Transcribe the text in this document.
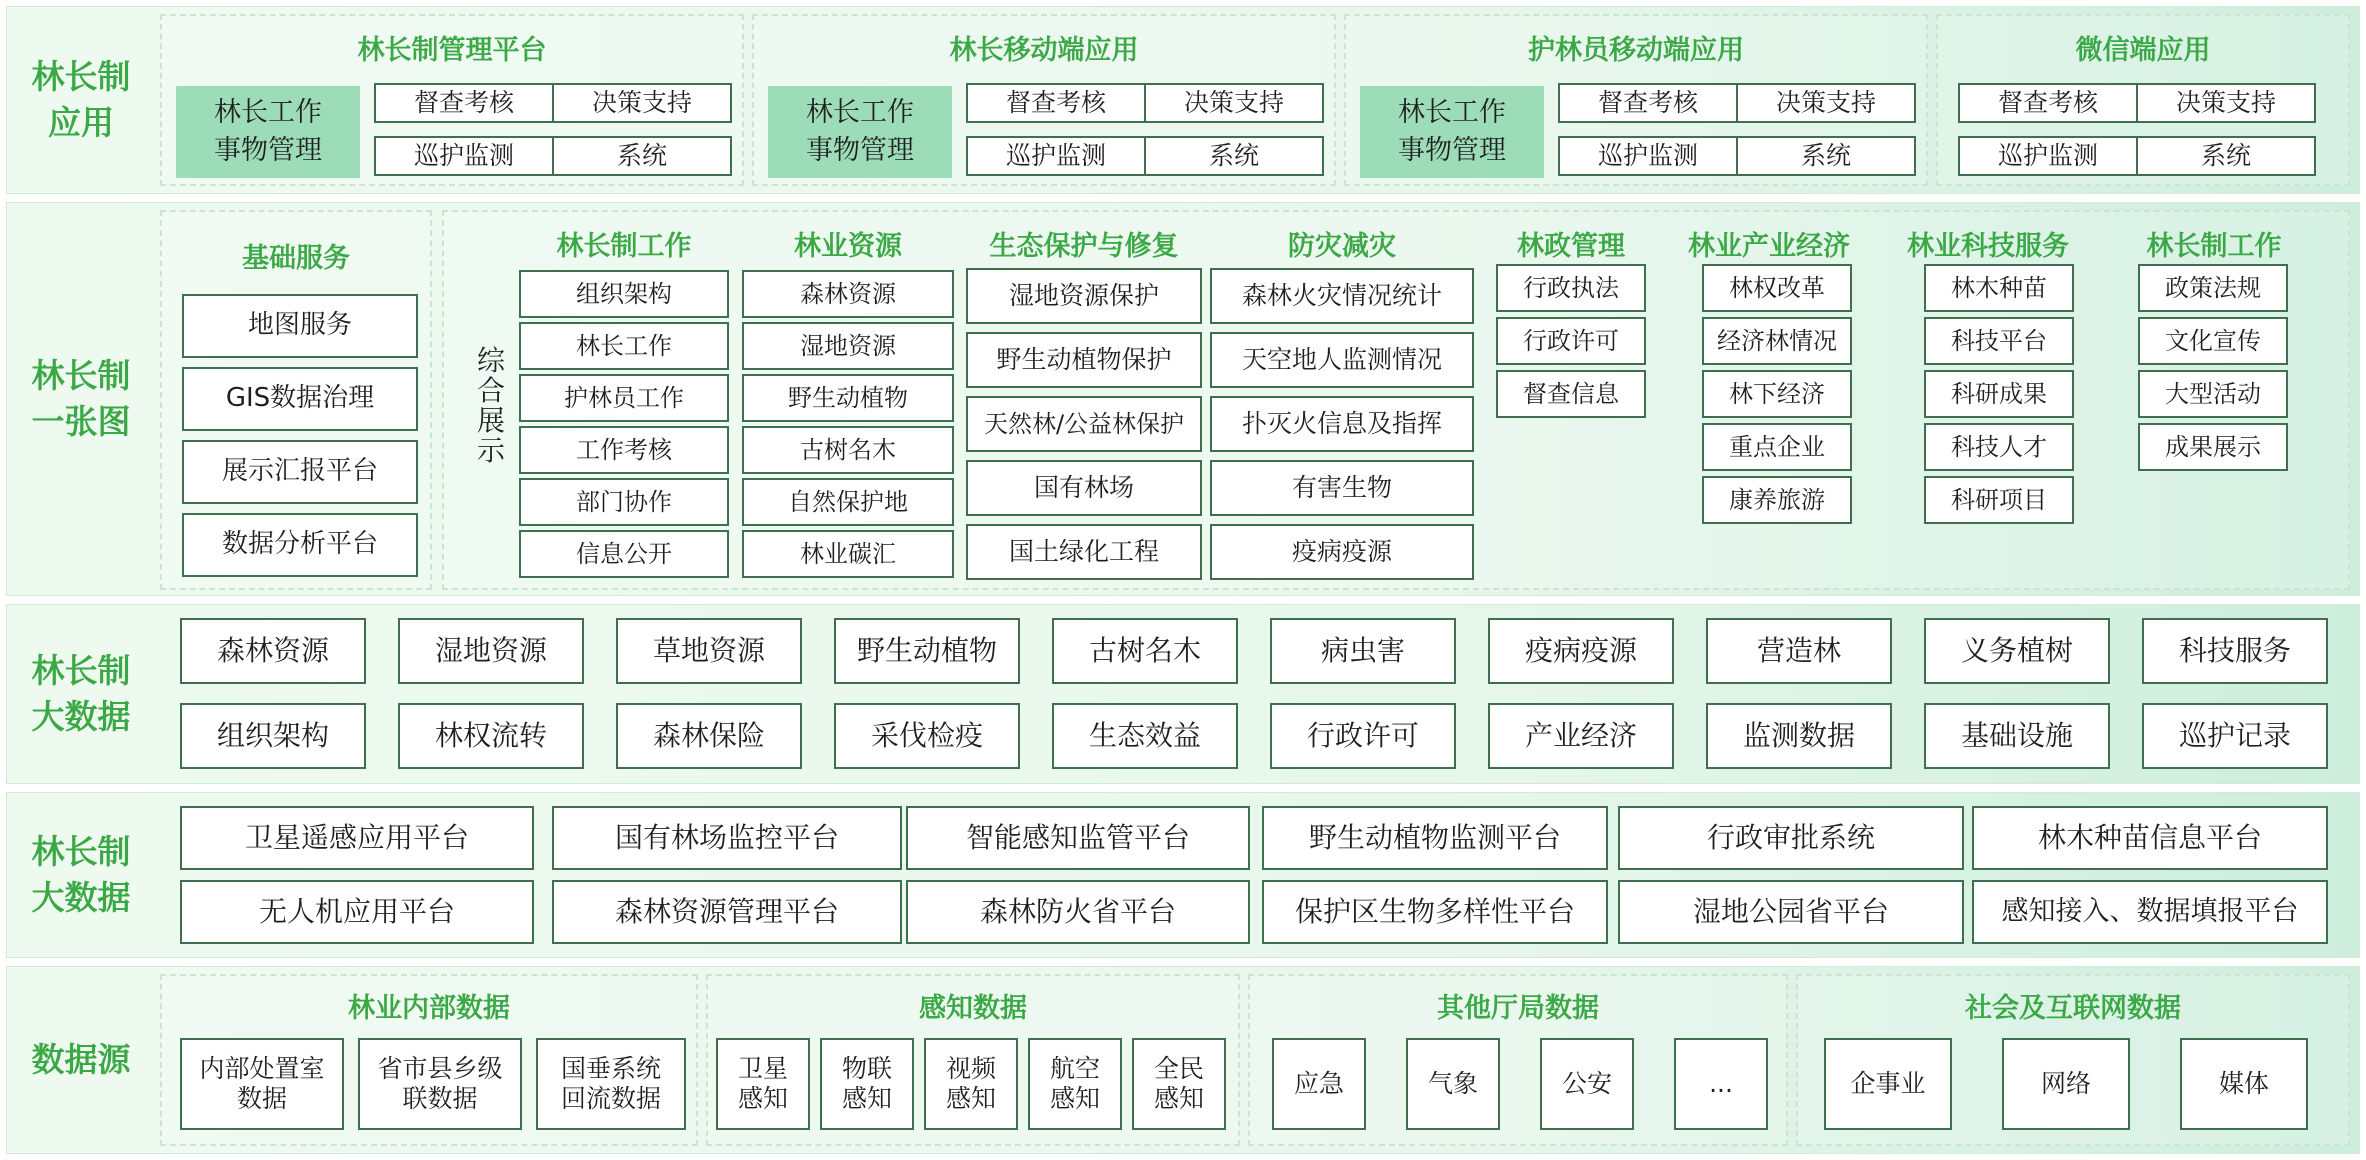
林长制
应用
林长制管理平台
林长工作
事物管理
督查考核	决策支持
巡护监测	系统
林长移动端应用
林长工作
事物管理
督查考核	决策支持
巡护监测	系统
护林员移动端应用
林长工作
事物管理
督查考核	决策支持
巡护监测	系统
微信端应用
督查考核	决策支持
巡护监测	系统
林长制
一张图
基础服务
地图服务
GIS数据治理
展示汇报平台
数据分析平台
综合展示
林长制工作
组织架构
林长工作
护林员工作
工作考核
部门协作
信息公开
林业资源
森林资源
湿地资源
野生动植物
古树名木
自然保护地
林业碳汇
生态保护与修复
湿地资源保护
野生动植物保护
天然林/公益林保护
国有林场
国土绿化工程
防灾减灾
森林火灾情况统计
天空地人监测情况
扑灭火信息及指挥
有害生物
疫病疫源
林政管理
行政执法
行政许可
督查信息
林业产业经济
林权改革
经济林情况
林下经济
重点企业
康养旅游
林业科技服务
林木种苗
科技平台
科研成果
科技人才
科研项目
林长制工作
政策法规
文化宣传
大型活动
成果展示
林长制
大数据
森林资源	湿地资源	草地资源	野生动植物	古树名木	病虫害	疫病疫源	营造林	义务植树	科技服务
组织架构	林权流转	森林保险	采伐检疫	生态效益	行政许可	产业经济	监测数据	基础设施	巡护记录
林长制
大数据
卫星遥感应用平台	国有林场监控平台	智能感知监管平台	野生动植物监测平台	行政审批系统	林木种苗信息平台
无人机应用平台	森林资源管理平台	森林防火省平台	保护区生物多样性平台	湿地公园省平台	感知接入、数据填报平台
数据源
林业内部数据
内部处置室
数据
省市县乡级
联数据
国垂系统
回流数据
感知数据
卫星
感知
物联
感知
视频
感知
航空
感知
全民
感知
其他厅局数据
应急	气象	公安	...
社会及互联网数据
企事业	网络	媒体
